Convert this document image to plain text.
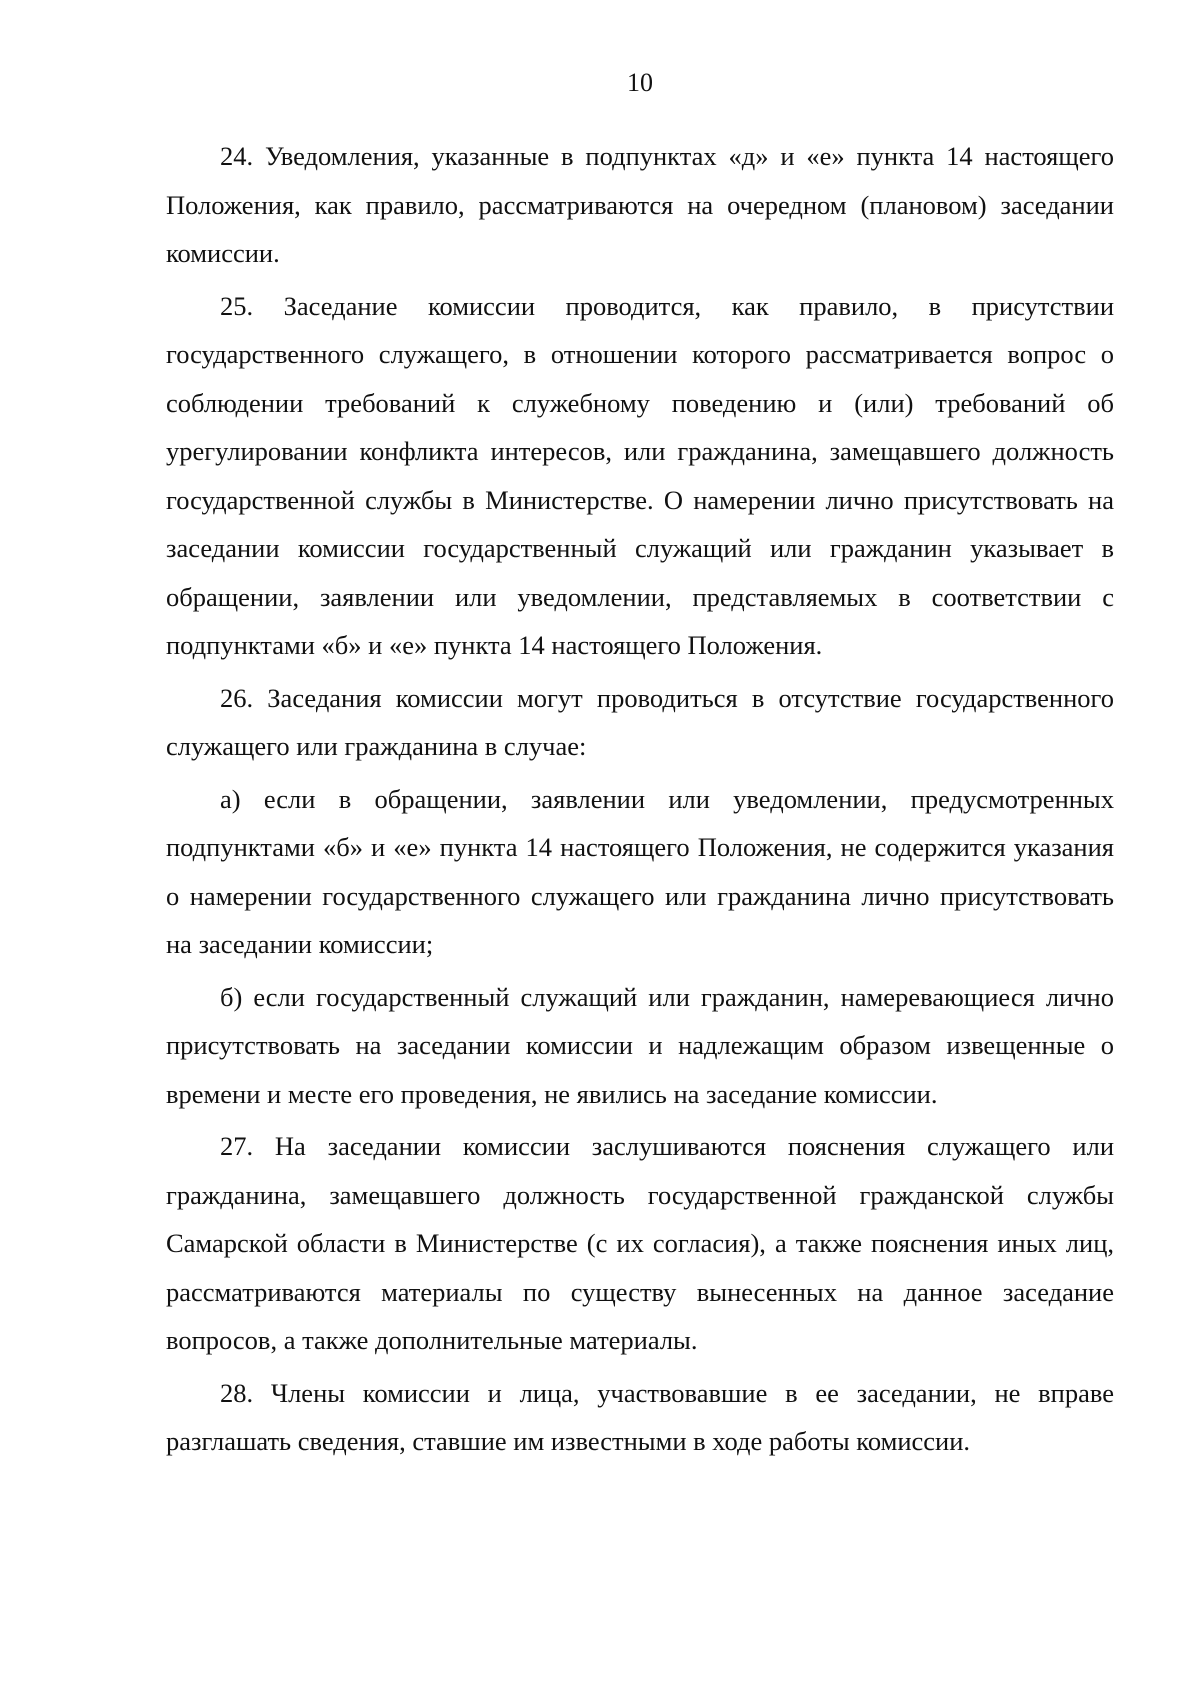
10

24. Уведомления, указанные в подпунктах «д» и «е» пункта 14 настоящего Положения, как правило, рассматриваются на очередном (плановом) заседании комиссии.

25. Заседание комиссии проводится, как правило, в присутствии государственного служащего, в отношении которого рассматривается вопрос о соблюдении требований к служебному поведению и (или) требований об урегулировании конфликта интересов, или гражданина, замещавшего должность государственной службы в Министерстве. О намерении лично присутствовать на заседании комиссии государственный служащий или гражданин указывает в обращении, заявлении или уведомлении, представляемых в соответствии с подпунктами «б» и «е» пункта 14 настоящего Положения.

26. Заседания комиссии могут проводиться в отсутствие государственного служащего или гражданина в случае:

а) если в обращении, заявлении или уведомлении, предусмотренных подпунктами «б» и «е» пункта 14 настоящего Положения, не содержится указания о намерении государственного служащего или гражданина лично присутствовать на заседании комиссии;

б) если государственный служащий или гражданин, намеревающиеся лично присутствовать на заседании комиссии и надлежащим образом извещенные о времени и месте его проведения, не явились на заседание комиссии.

27. На заседании комиссии заслушиваются пояснения служащего или гражданина, замещавшего должность государственной гражданской службы Самарской области в Министерстве (с их согласия), а также пояснения иных лиц, рассматриваются материалы по существу вынесенных на данное заседание вопросов, а также дополнительные материалы.

28. Члены комиссии и лица, участвовавшие в ее заседании, не вправе разглашать сведения, ставшие им известными в ходе работы комиссии.
